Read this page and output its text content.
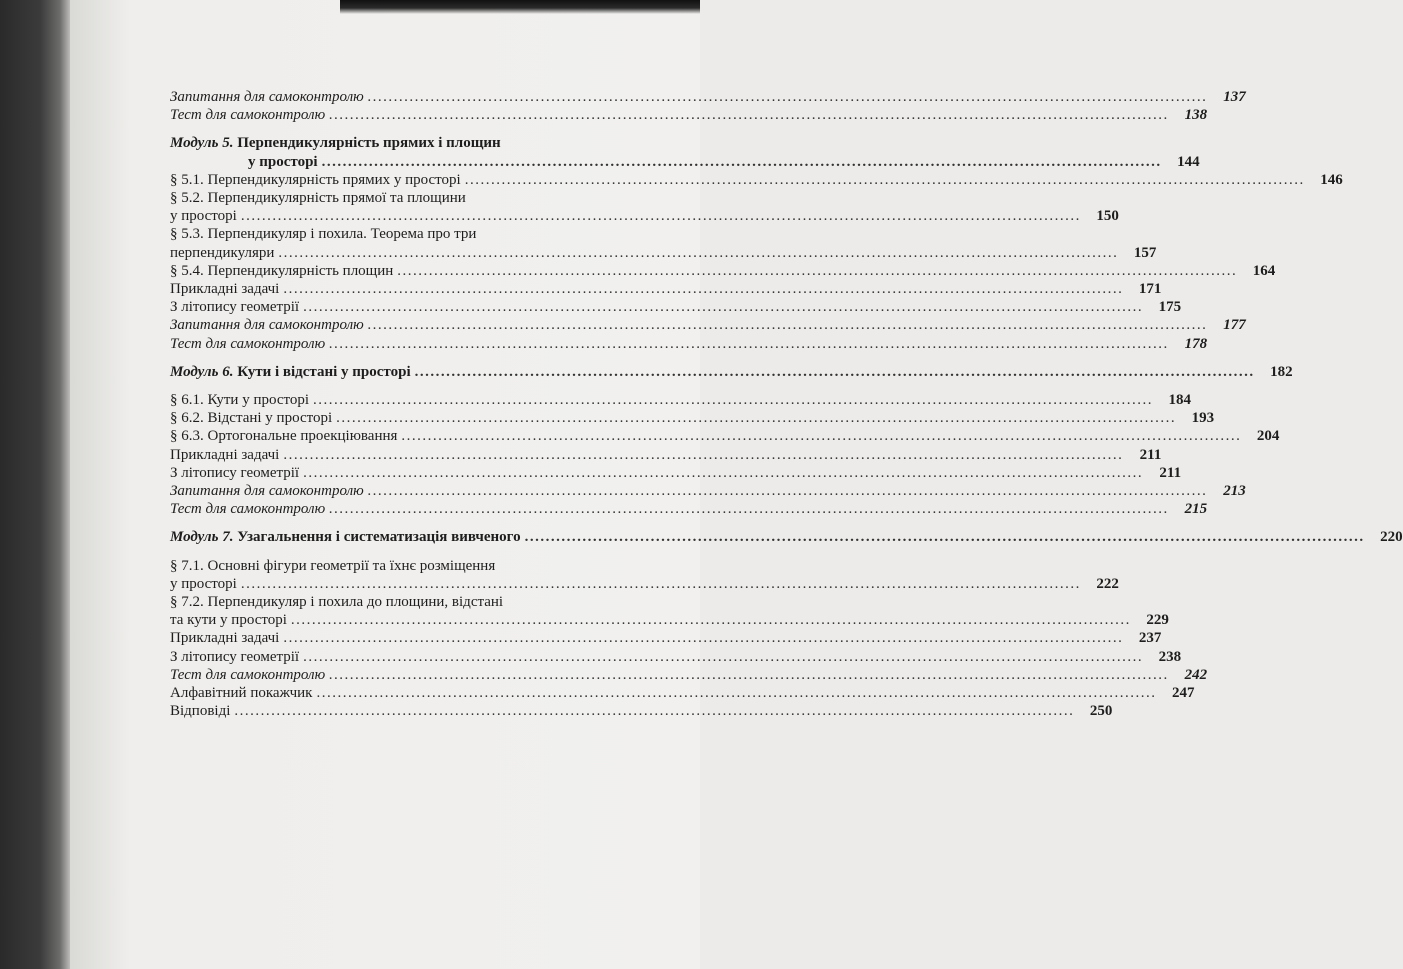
Запитання для самоконтролю ................................................................................................................................................................	137
Тест для самоконтролю ................................................................................................................................................................	138
Модуль 5. Перпендикулярність прямих і площин
у просторі ................................................................................................................................................................	144
§ 5.1. Перпендикулярність прямих у просторі ................................................................................................................................................................	146
§ 5.2. Перпендикулярність прямої та площини
у просторі ................................................................................................................................................................	150
§ 5.3. Перпендикуляр і похила. Теорема про три
перпендикуляри ................................................................................................................................................................	157
§ 5.4. Перпендикулярність площин ................................................................................................................................................................	164
Прикладні задачі ................................................................................................................................................................	171
З літопису геометрії ................................................................................................................................................................	175
Запитання для самоконтролю ................................................................................................................................................................	177
Тест для самоконтролю ................................................................................................................................................................	178
Модуль 6. Кути і відстані у просторі ................................................................................................................................................................	182
§ 6.1. Кути у просторі ................................................................................................................................................................	184
§ 6.2. Відстані у просторі ................................................................................................................................................................	193
§ 6.3. Ортогональне проекціювання ................................................................................................................................................................	204
Прикладні задачі ................................................................................................................................................................	211
З літопису геометрії ................................................................................................................................................................	211
Запитання для самоконтролю ................................................................................................................................................................	213
Тест для самоконтролю ................................................................................................................................................................	215
Модуль 7. Узагальнення і систематизація вивченого ................................................................................................................................................................	220
§ 7.1. Основні фігури геометрії та їхнє розміщення
у просторі ................................................................................................................................................................	222
§ 7.2. Перпендикуляр і похила до площини, відстані
та кути у просторі ................................................................................................................................................................	229
Прикладні задачі ................................................................................................................................................................	237
З літопису геометрії ................................................................................................................................................................	238
Тест для самоконтролю ................................................................................................................................................................	242
Алфавітний покажчик ................................................................................................................................................................	247
Відповіді ................................................................................................................................................................	250
